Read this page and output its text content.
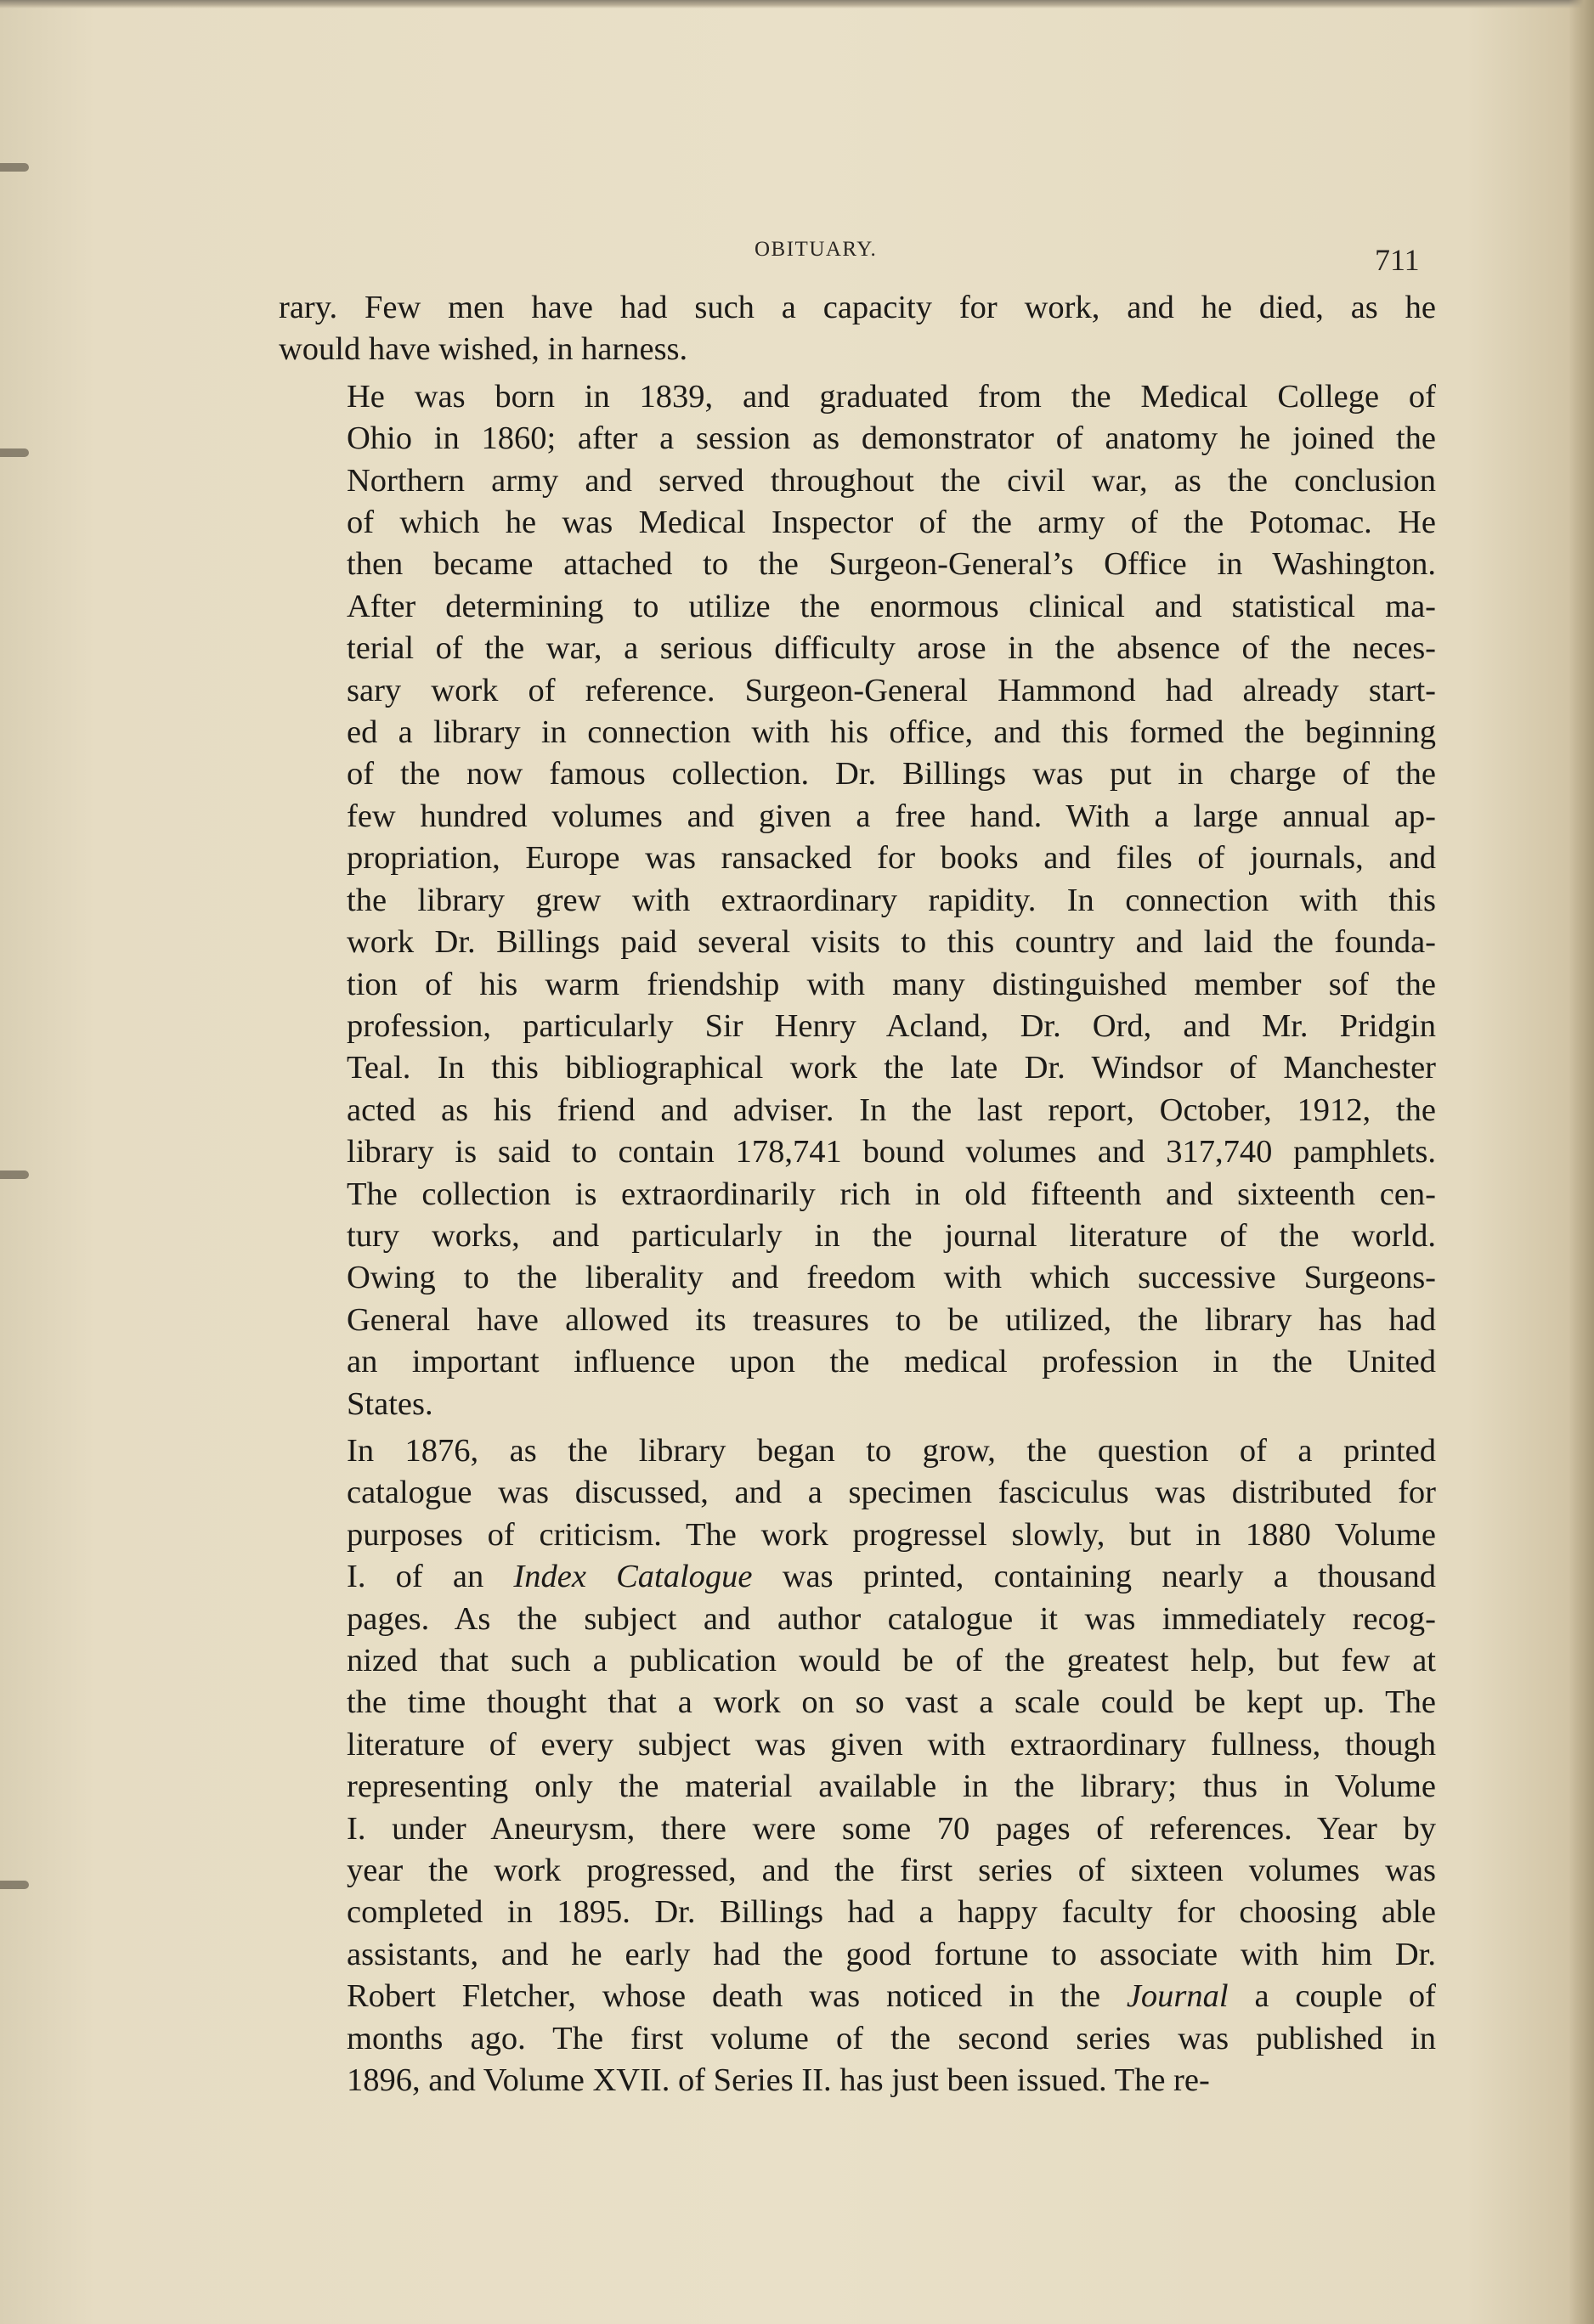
OBITUARY.	711

rary. Few men have had such a capacity for work, and he died, as he
would have wished, in harness.

He was born in 1839, and graduated from the Medical College of
Ohio in 1860; after a session as demonstrator of anatomy he joined the
Northern army and served throughout the civil war, as the conclusion
of which he was Medical Inspector of the army of the Potomac. He
then became attached to the Surgeon-General’s Office in Washington.
After determining to utilize the enormous clinical and statistical ma-
terial of the war, a serious difficulty arose in the absence of the neces-
sary work of reference. Surgeon-General Hammond had already start-
ed a library in connection with his office, and this formed the beginning
of the now famous collection. Dr. Billings was put in charge of the
few hundred volumes and given a free hand. With a large annual ap-
propriation, Europe was ransacked for books and files of journals, and
the library grew with extraordinary rapidity. In connection with this
work Dr. Billings paid several visits to this country and laid the founda-
tion of his warm friendship with many distinguished member sof the
profession, particularly Sir Henry Acland, Dr. Ord, and Mr. Pridgin
Teal. In this bibliographical work the late Dr. Windsor of Manchester
acted as his friend and adviser. In the last report, October, 1912, the
library is said to contain 178,741 bound volumes and 317,740 pamphlets.
The collection is extraordinarily rich in old fifteenth and sixteenth cen-
tury works, and particularly in the journal literature of the world.
Owing to the liberality and freedom with which successive Surgeons-
General have allowed its treasures to be utilized, the library has had
an important influence upon the medical profession in the United
States.

In 1876, as the library began to grow, the question of a printed
catalogue was discussed, and a specimen fasciculus was distributed for
purposes of criticism. The work progressel slowly, but in 1880 Volume
I. of an Index Catalogue was printed, containing nearly a thousand
pages. As the subject and author catalogue it was immediately recog-
nized that such a publication would be of the greatest help, but few at
the time thought that a work on so vast a scale could be kept up. The
literature of every subject was given with extraordinary fullness, though
representing only the material available in the library; thus in Volume
I. under Aneurysm, there were some 70 pages of references. Year by
year the work progressed, and the first series of sixteen volumes was
completed in 1895. Dr. Billings had a happy faculty for choosing able
assistants, and he early had the good fortune to associate with him Dr.
Robert Fletcher, whose death was noticed in the Journal a couple of
months ago. The first volume of the second series was published in
1896, and Volume XVII. of Series II. has just been issued. The re-
